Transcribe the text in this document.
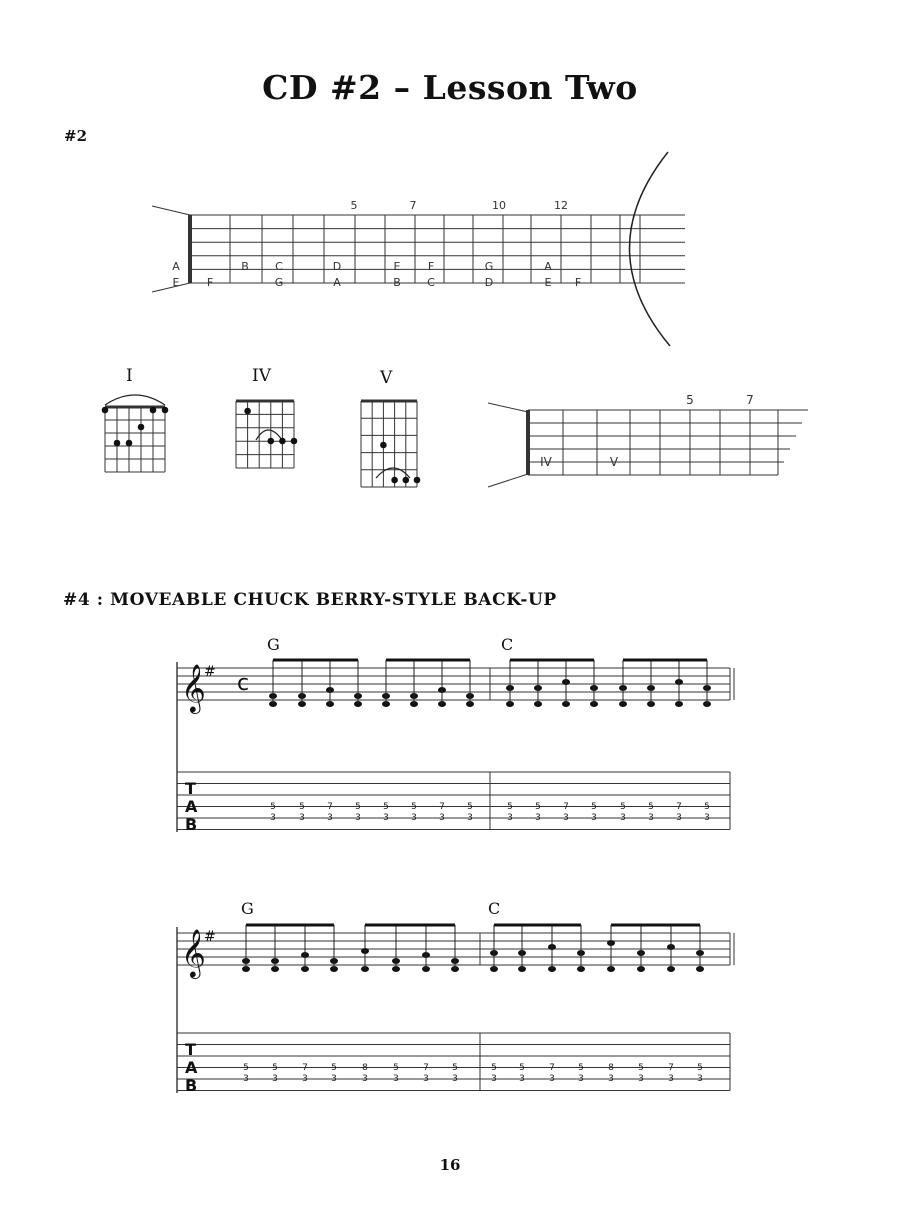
CD #2 – Lesson Two
#2
5	7	10	12
A	B C	D	E F	G	A
E F	G	A	B C	D	E F
5	7
IV	V
I	IV	V
#4 : MOVEABLE CHUCK BERRY-STYLE BACK-UP
𝄞
# c
T
A
B
5
3
5
3
7
3
5
3
5
3
5
3
7
3
5
3
5
3
5
3
7
3
5
3
5
3
5
3
7
3
5
3
𝄞
#
T
A
B
5
3
5
3
7
3
5
3
8
3
5
3
7
3
5
3
5
3
5
3
7
3
5
3
8
3
5
3
7
3
5
3
G	C
G	C
16
